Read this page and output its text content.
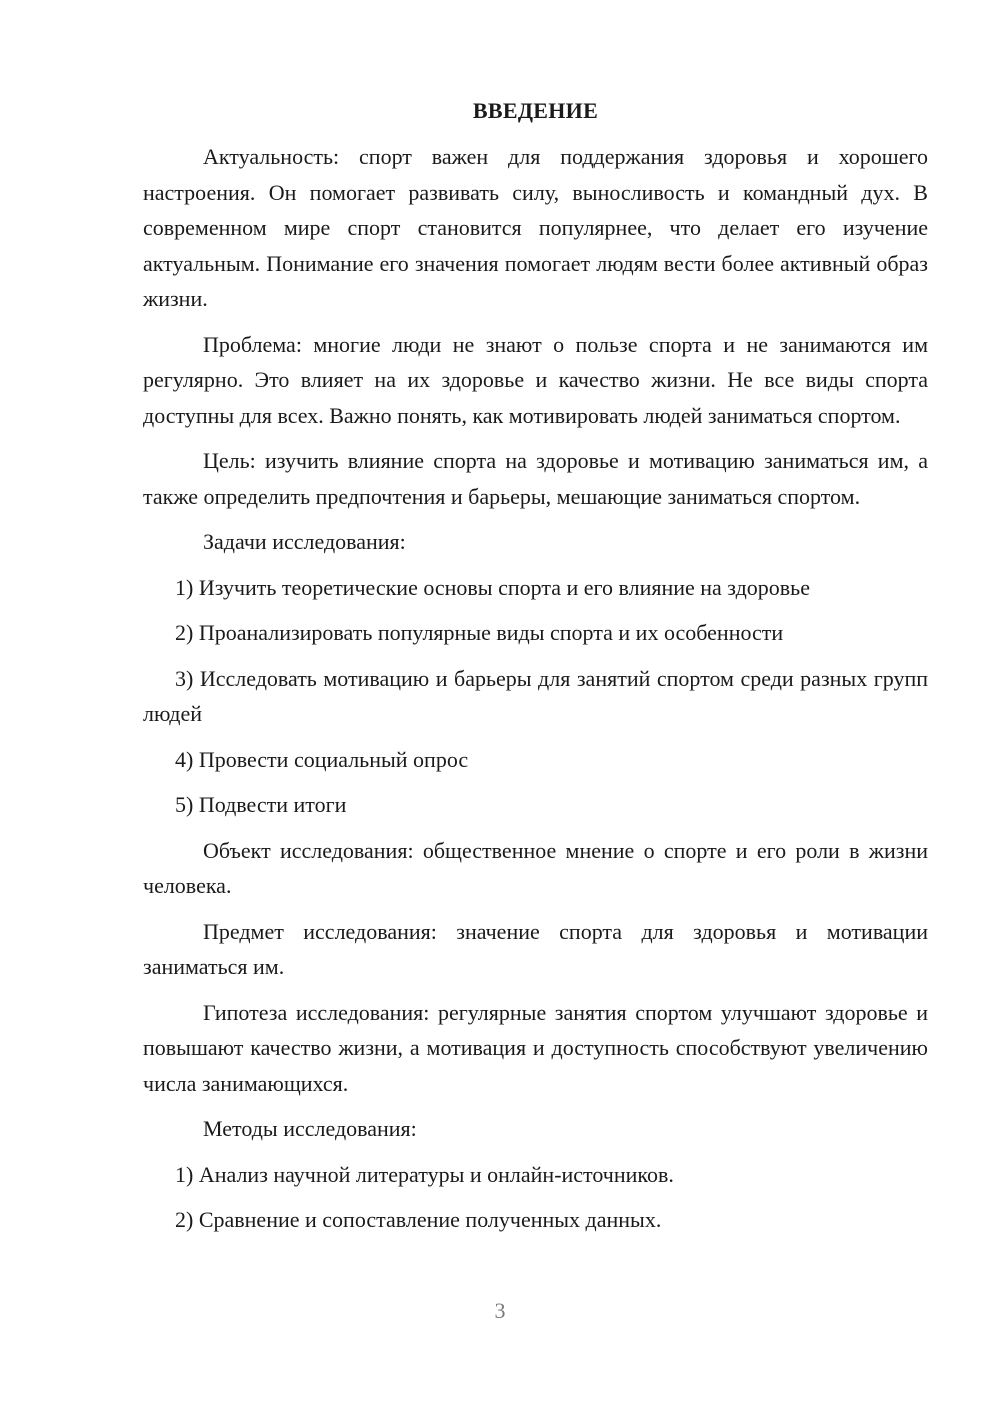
ВВЕДЕНИЕ

Актуальность: спорт важен для поддержания здоровья и хорошего настроения. Он помогает развивать силу, выносливость и командный дух. В современном мире спорт становится популярнее, что делает его изучение актуальным. Понимание его значения помогает людям вести более активный образ жизни.

Проблема: многие люди не знают о пользе спорта и не занимаются им регулярно. Это влияет на их здоровье и качество жизни. Не все виды спорта доступны для всех. Важно понять, как мотивировать людей заниматься спортом.

Цель: изучить влияние спорта на здоровье и мотивацию заниматься им, а также определить предпочтения и барьеры, мешающие заниматься спортом.

Задачи исследования:

1) Изучить теоретические основы спорта и его влияние на здоровье

2) Проанализировать популярные виды спорта и их особенности

3) Исследовать мотивацию и барьеры для занятий спортом среди разных групп людей

4) Провести социальный опрос

5) Подвести итоги

Объект исследования: общественное мнение о спорте и его роли в жизни человека.

Предмет исследования: значение спорта для здоровья и мотивации заниматься им.

Гипотеза исследования: регулярные занятия спортом улучшают здоровье и повышают качество жизни, а мотивация и доступность способствуют увеличению числа занимающихся.

Методы исследования:

1) Анализ научной литературы и онлайн-источников.

2) Сравнение и сопоставление полученных данных.

3
